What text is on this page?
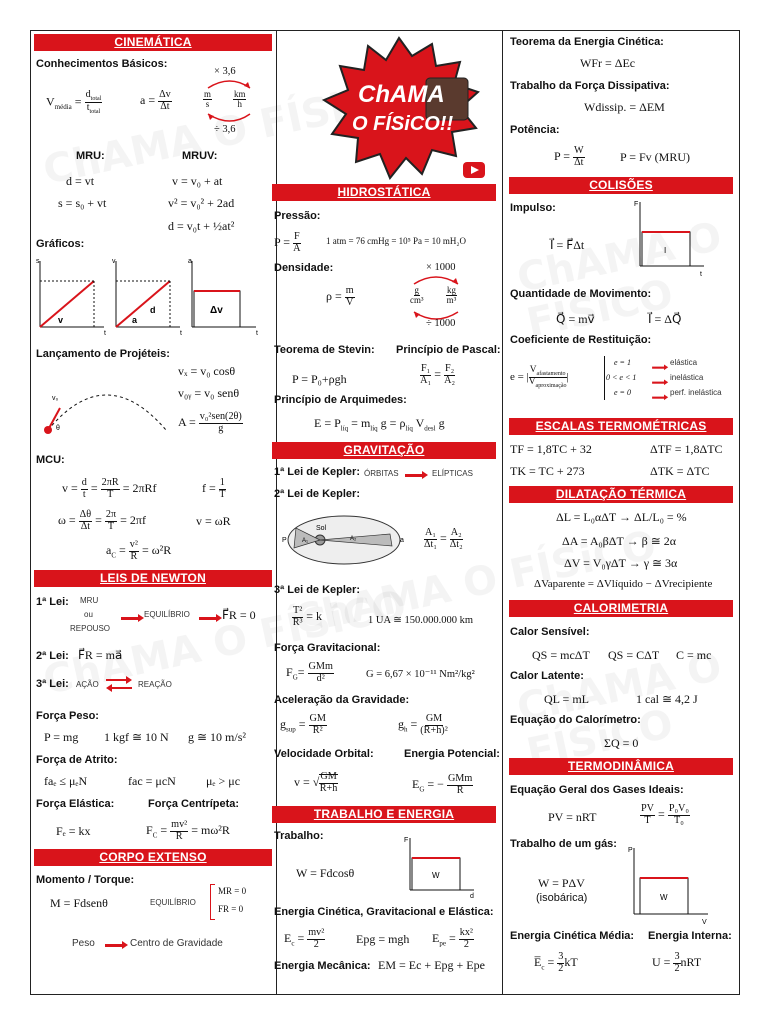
CINEMÁTICA
Conhecimentos Básicos:
$V_{média} = \frac{d_{total}}{t_{total}}$	$a = \frac{\Delta v}{\Delta t}$
× 3,6
$\frac{m}{s} \frac{km}{h}$
÷ 3,6
MRU:	MRUV:
d = vt
s = s₀ + vt
v = v₀ + at
v² = v₀² + 2ad
d = v₀t + ½at²
Gráficos:
s
t
v
v
t
a
d
a
t
Δv
Lançamento de Projéteis:
vₓ = v₀ cosθ
v₀ᵧ = v₀ senθ
$A = \frac{\text{v₀²sen(2θ)}}{g}$
v₀
θ
MCU:
$v = \frac{d}{t} = \frac{2\pi R}{T} = 2\pi Rf$	$f = \frac{1}{T}$
$\omega = \frac{\Delta\theta}{\Delta t} = \frac{2\pi}{T} = 2\pi f$	v = ωR
$a_C = \frac{\text{v²}}{R} = \omega^2R$
LEIS DE NEWTON
1ª Lei: MRU
ou
REPOUSO
EQUILÍBRIO	F⃗R = 0
2ª Lei: F⃗R = ma⃗
3ª Lei: AÇÃO	REAÇÃO
Força Peso:
P = mg 1 kgf ≅ 10 N g ≅ 10 m/s²
Força de Atrito:
faₑ ≤ μₑN	fac = μcN	μₑ > μc
Força Elástica:	Força Centrípeta:
Fₑ = kx	$F_C = \frac{\text{mv²}}{R} = m\omega^2R$
CORPO EXTENSO
Momento / Torque:
M = Fdsenθ	EQUILÍBRIO
MR = 0
FR = 0
Peso	Centro de Gravidade
ChAMA
O FÍSiCO!!
HIDROSTÁTICA
Pressão:
$P = \frac{F}{A}$	1 atm = 76 cmHg = 10⁵ Pa = 10 mH₂O
Densidade:	× 1000
$\rho = \frac{m}{V}$	$\frac{g}{\text{cm³}}$	$\frac{kg}{\text{m³}}$
÷ 1000
Teorema de Stevin: Princípio de Pascal:
P = P₀+ρgh	$\frac{\text{F₁}}{\text{A₁}} = \frac{\text{F₂}}{\text{A₂}}$
Princípio de Arquimedes:
$E = P_{líq} = m_{líq}$ $g = \rho_{líq}$ $V_{desl}$ g
GRAVITAÇÃO
1ª Lei de Kepler: ÓRBITAS	ELÍPTICAS
2ª Lei de Kepler:
Sol
P	a
A₁	A₂	$\frac{\text{A₁}}{\text{Δt₁}} = \frac{\text{A₂}}{\text{Δt₂}}$
3ª Lei de Kepler:
$\frac{\text{T²}}{\text{R³}} = k$	1 UA ≅ 150.000.000 km
Força Gravitacional:
$F_G= \frac{\text{GMm}}{\text{d²}}$	G = 6,67 × 10⁻¹¹ Nm²/kg²
Aceleração da Gravidade:
$g_{sup} = \frac{GM}{\text{R²}}$	$g_h = \frac{GM}{\text{(R+h)²}}$
Velocidade Orbital:	Energia Potencial:
v = √ $\frac{GM}{R+h}$	$E_G$ = − $\frac{\text{GMm}}{R}$
TRABALHO E ENERGIA
Trabalho:
W = Fdcosθ
F
d
W
Energia Cinética, Gravitacional e Elástica:
$E_c = \frac{\text{mv²}}{2}$	Epg = mgh $E_{pe} = \frac{\text{kx²}}{2}$
Energia Mecânica: EM = Ec + Epg + Epe
Teorema da Energia Cinética:
WFr = ΔEc
Trabalho da Força Dissipativa:
Wdissip. = ΔEM
Potência:
$P = \frac{W}{\Delta t}$	P = Fv (MRU)
COLISÕES
Impulso:
I⃗ = F⃗Δt
F
t
I
Quantidade de Movimento:
Q⃗ = mv⃗	I⃗ = ΔQ⃗
Coeficiente de Restituição:
e = | $\frac{V_{afastamento}}{V_{aproximação}}$ |
e = 1
0 < e < 1
e = 0
elástica
inelástica
perf. inelástica
ESCALAS TERMOMÉTRICAS
TF = 1,8TC + 32	ΔTF = 1,8ΔTC
TK = TC + 273	ΔTK = ΔTC
DILATAÇÃO TÉRMICA
ΔL = L₀αΔT → ΔL/L₀ = %
ΔA = A₀βΔT → β ≅ 2α
ΔV = V₀γΔT → γ ≅ 3α
ΔVaparente = ΔVlíquido − ΔVrecipiente
CALORIMETRIA
Calor Sensível:
QS = mcΔT QS = CΔT C = mc
Calor Latente:
QL = mL	1 cal ≅ 4,2 J
Equação do Calorímetro:
ΣQ = 0
TERMODINÂMICA
Equação Geral dos Gases Ideais:
PV = nRT	$\frac{PV}{T} = \frac{\text{P₀V₀}}{\text{T₀}}$
Trabalho de um gás:
W = PΔV
(isobárica)
P
V
W
Energia Cinética Média: Energia Interna:
$E̅_c = \frac{3}{2}$ kT	$U = \frac{3}{2}$ nRT
